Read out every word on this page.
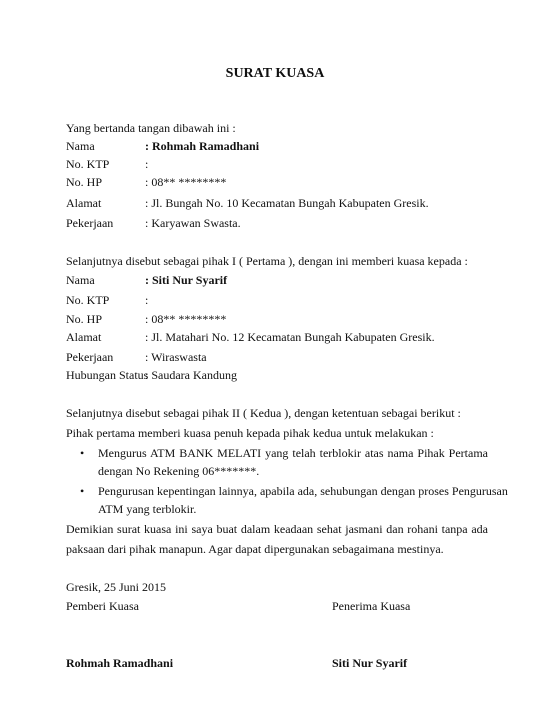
SURAT KUASA
Yang bertanda tangan dibawah ini :
Nama	: Rohmah Ramadhani
No. KTP	:
No. HP	: 08** ********
Alamat	: Jl. Bungah No. 10 Kecamatan Bungah Kabupaten Gresik.
Pekerjaan	: Karyawan Swasta.
Selanjutnya disebut sebagai pihak I ( Pertama ), dengan ini memberi kuasa kepada :
Nama	: Siti Nur Syarif
No. KTP	:
No. HP	: 08** ********
Alamat	: Jl. Matahari No. 12 Kecamatan Bungah Kabupaten Gresik.
Pekerjaan	: Wiraswasta
Hubungan Status
: Saudara Kandung
Selanjutnya disebut sebagai pihak II ( Kedua ), dengan ketentuan sebagai berikut :
Pihak pertama memberi kuasa penuh kepada pihak kedua untuk melakukan :
• Mengurus ATM BANK MELATI yang telah terblokir atas nama Pihak Pertama
dengan No Rekening 06*******.
• Pengurusan kepentingan lainnya, apabila ada, sehubungan dengan proses Pengurusan
ATM yang terblokir.
Demikian surat kuasa ini saya buat dalam keadaan sehat jasmani dan rohani tanpa ada
paksaan dari pihak manapun. Agar dapat dipergunakan sebagaimana mestinya.
Gresik, 25 Juni 2015
Pemberi Kuasa	Penerima Kuasa
Rohmah Ramadhani	Siti Nur Syarif
